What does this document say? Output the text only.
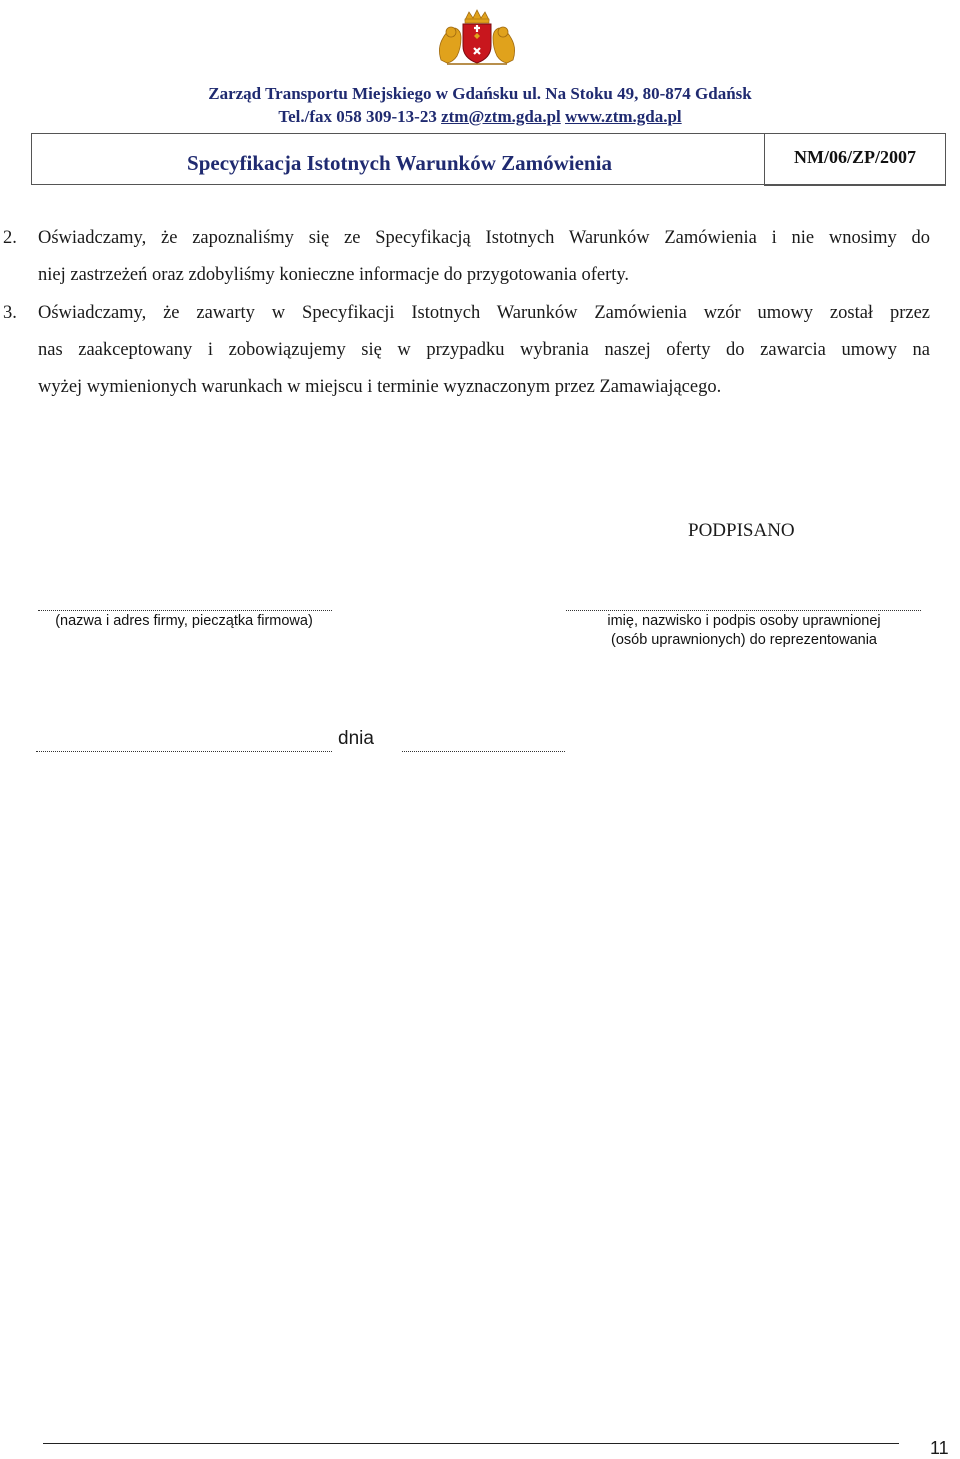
Zarząd Transportu Miejskiego w Gdańsku ul. Na Stoku 49, 80-874 Gdańsk
Tel./fax 058 309-13-23 ztm@ztm.gda.pl www.ztm.gda.pl
Specyfikacja Istotnych Warunków Zamówienia	NM/06/ZP/2007
2. Oświadczamy, że zapoznaliśmy się ze Specyfikacją Istotnych Warunków Zamówienia i nie wnosimy do
niej zastrzeżeń oraz zdobyliśmy konieczne informacje do przygotowania oferty.
3. Oświadczamy, że zawarty w Specyfikacji Istotnych Warunków Zamówienia wzór umowy został przez
nas zaakceptowany i zobowiązujemy się w przypadku wybrania naszej oferty do zawarcia umowy na
wyżej wymienionych warunkach w miejscu i terminie wyznaczonym przez Zamawiającego.
PODPISANO
(nazwa i adres firmy, pieczątka firmowa)	imię, nazwisko i podpis osoby uprawnionej
(osób uprawnionych) do reprezentowania
dnia
11
